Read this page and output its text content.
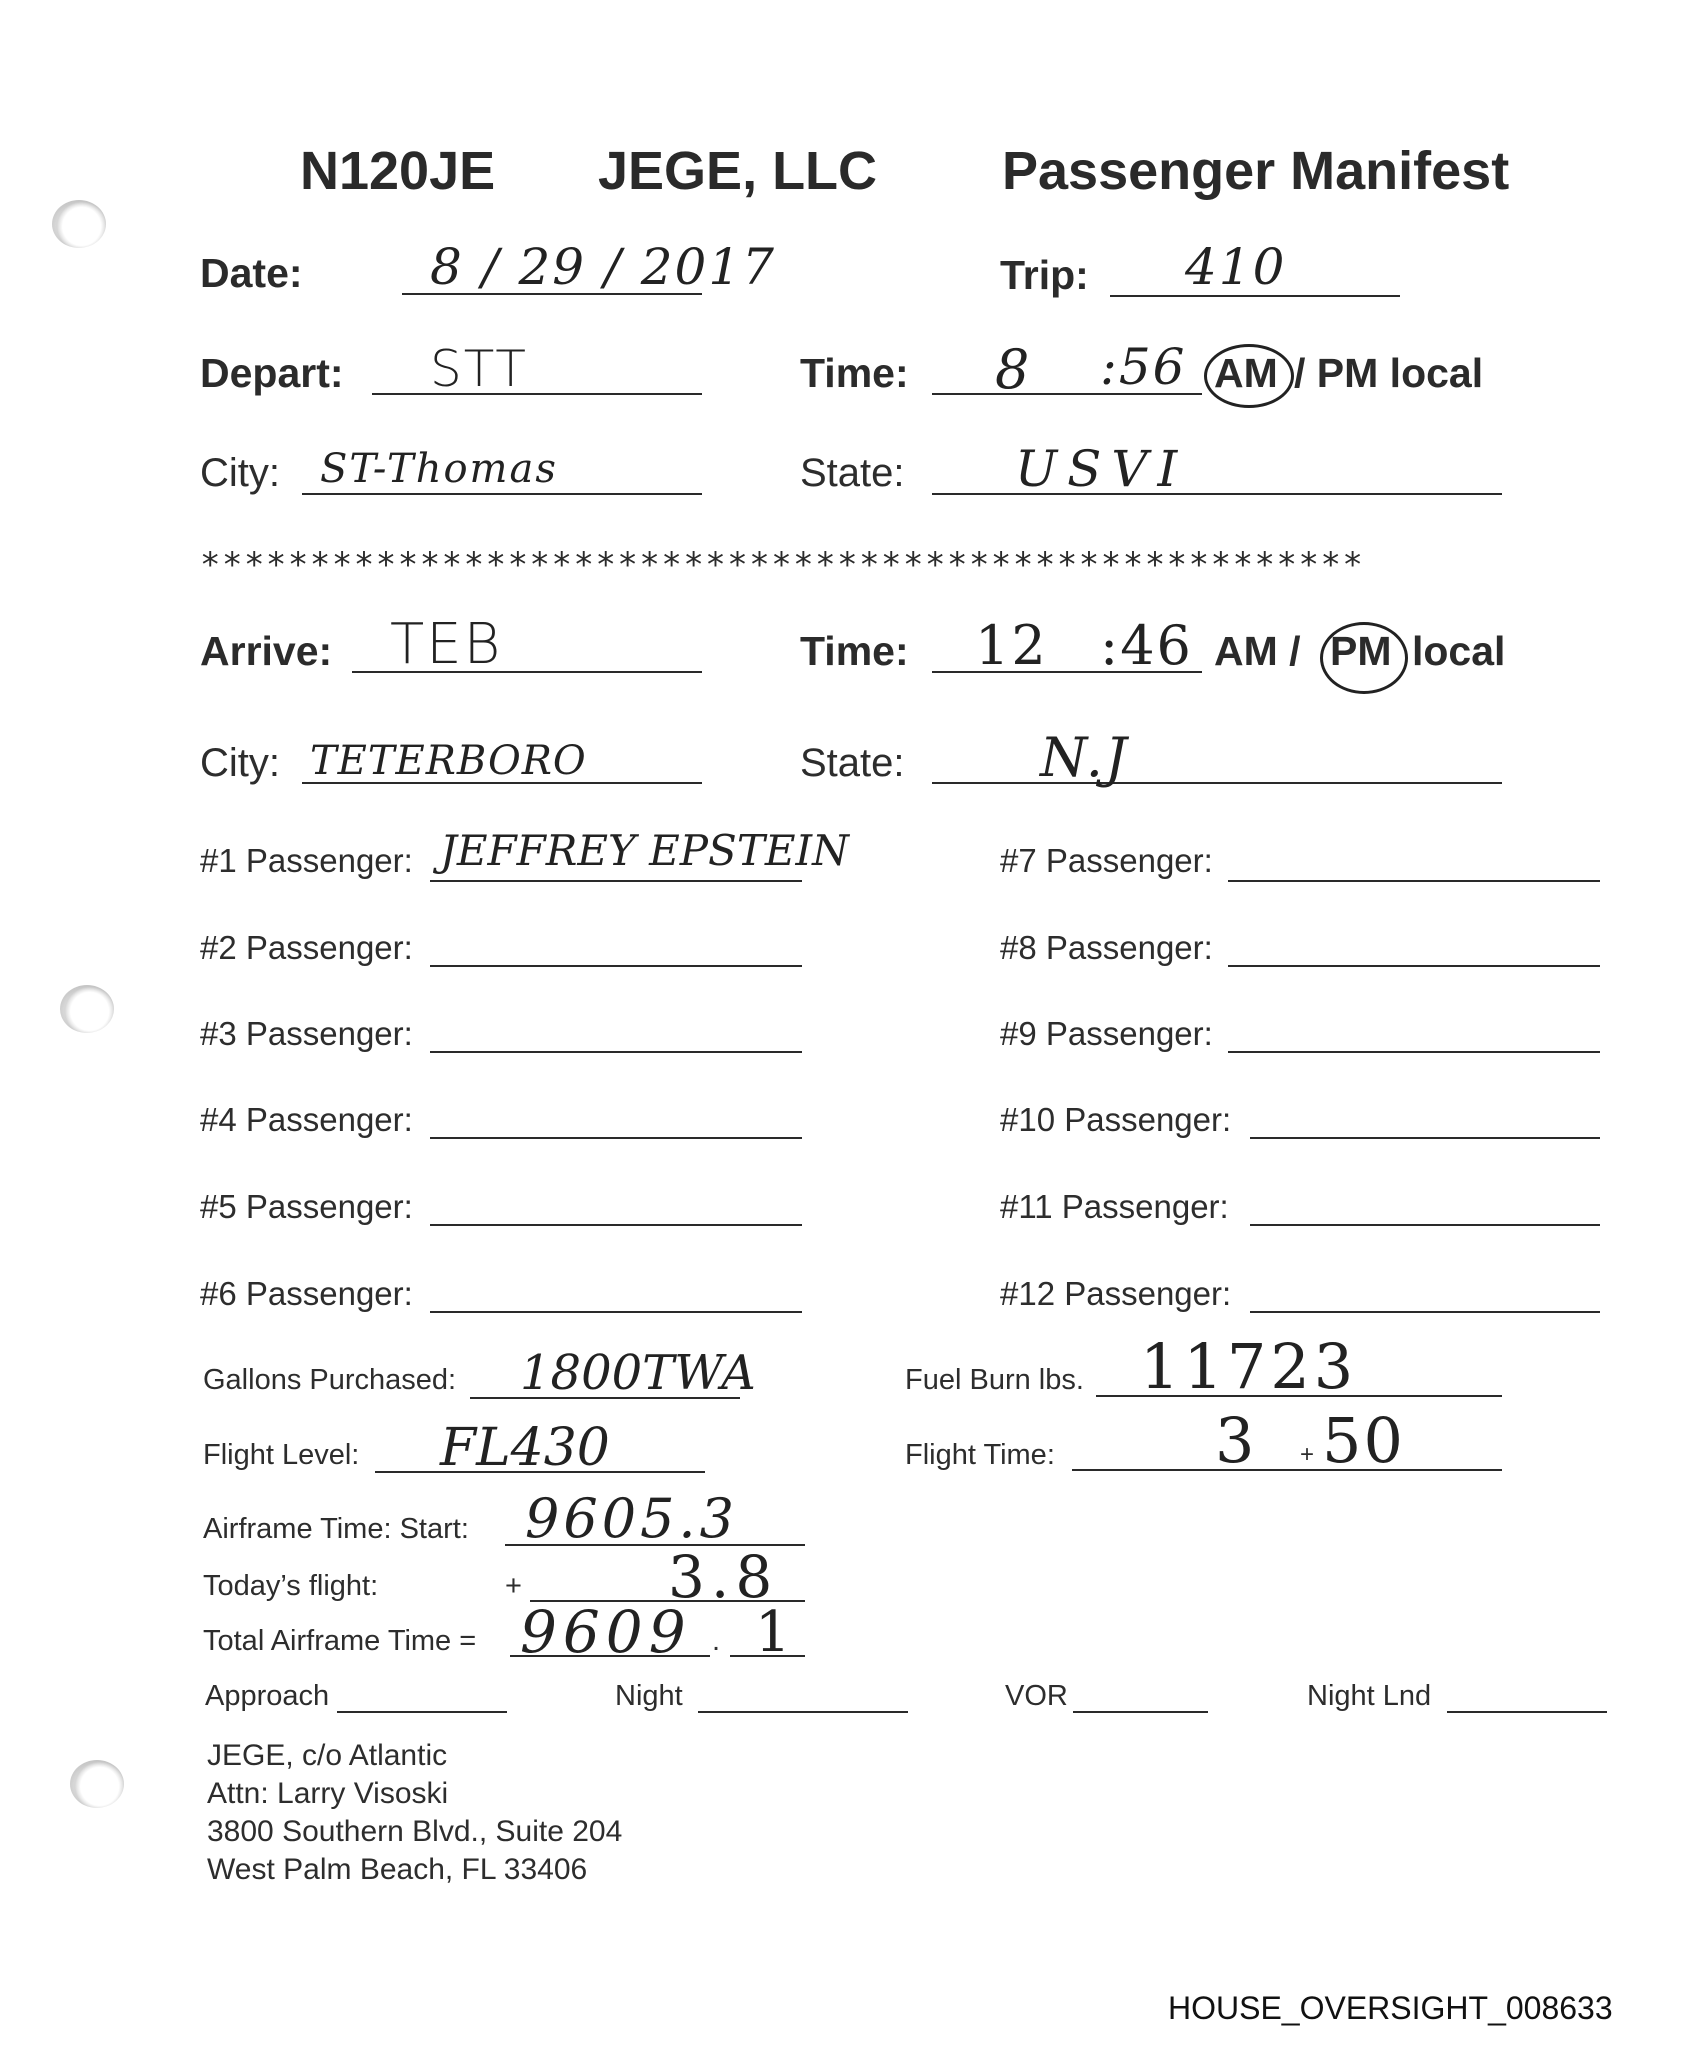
N120JE JEGE, LLC Passenger Manifest
Date:	8 / 29 / 2017	Trip: 410
Depart: STT	Time: 8 :56 AM / PM local
City: ST-Thomas	State: USVI
*****************************************************
Arrive: TEB	Time: 12 :46 AM / PM local
City: TETERBORO	State:	N.J
#1 Passenger: JEFFREY EPSTEIN
#2 Passenger:
#3 Passenger:
#4 Passenger:
#5 Passenger:
#6 Passenger:
#7 Passenger:
#8 Passenger:
#9 Passenger:
#10 Passenger:
#11 Passenger:
#12 Passenger:
Gallons Purchased: 1800TWA	Fuel Burn lbs. 11723
Flight Level: FL430	Flight Time:	3 + 50
Airframe Time: Start: 9605.3
Today’s flight:	+	3.8
Total Airframe Time = 9609 . 1
Approach	Night	VOR	Night Lnd
JEGE, c/o Atlantic
Attn: Larry Visoski
3800 Southern Blvd., Suite 204
West Palm Beach, FL 33406
HOUSE_OVERSIGHT_008633
